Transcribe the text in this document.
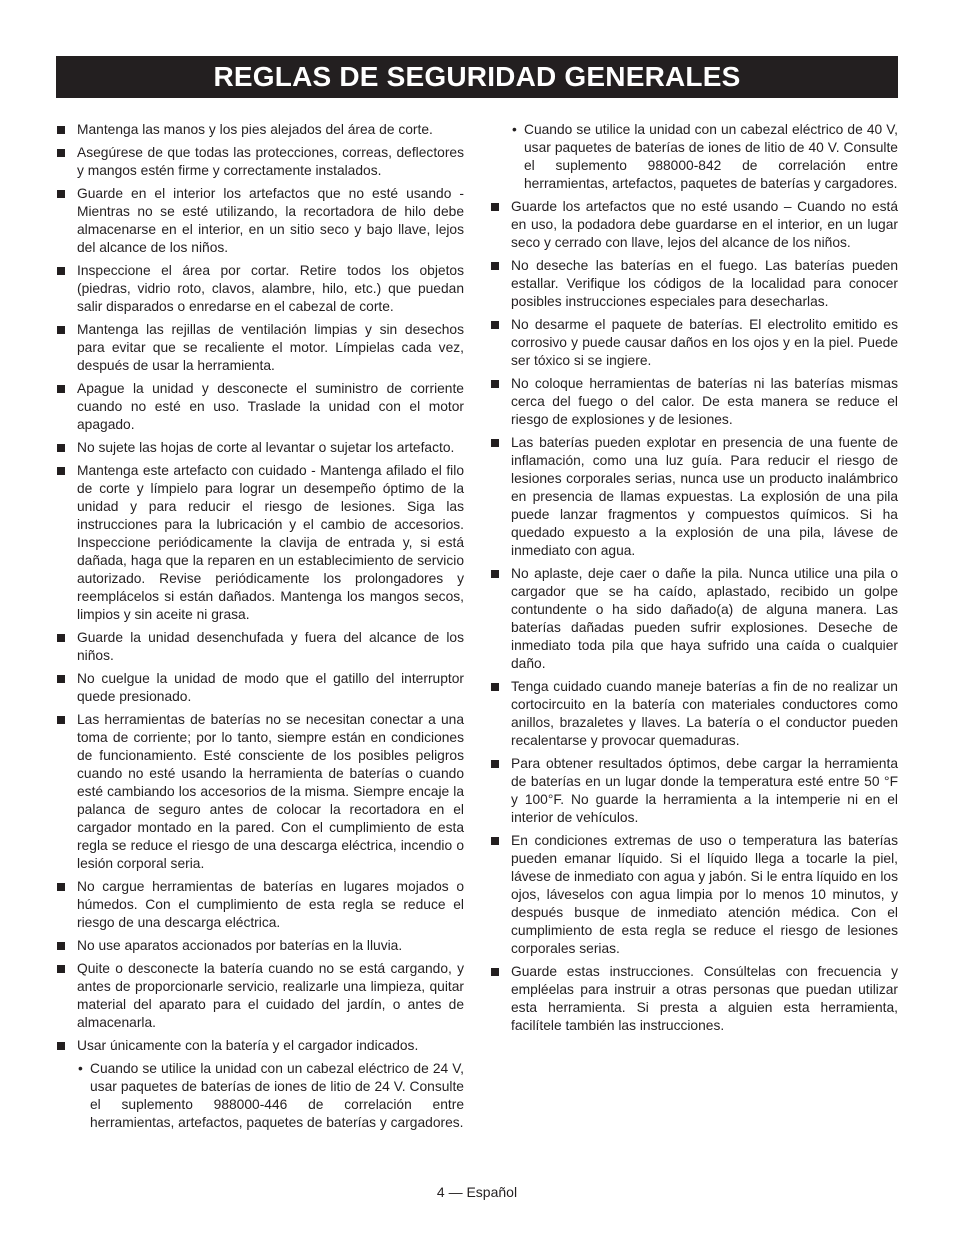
REGLAS DE SEGURIDAD GENERALES
Mantenga las manos y los pies alejados del área de corte.
Asegúrese de que todas las protecciones, correas, deflectores y mangos estén firme y correctamente instalados.
Guarde en el interior los artefactos que no esté usando - Mientras no se esté utilizando, la recortadora de hilo debe almacenarse en el interior, en un sitio seco y bajo llave, lejos del alcance de los niños.
Inspeccione el área por cortar. Retire todos los objetos (piedras, vidrio roto, clavos, alambre, hilo, etc.) que puedan salir disparados o enredarse en el cabezal de corte.
Mantenga las rejillas de ventilación limpias y sin desechos para evitar que se recaliente el motor. Límpielas cada vez, después de usar la herramienta.
Apague la unidad y desconecte el suministro de corriente cuando no esté en uso. Traslade la unidad con el motor apagado.
No sujete las hojas de corte al levantar o sujetar los artefacto.
Mantenga este artefacto con cuidado - Mantenga afilado el filo de corte y límpielo para lograr un desempeño óptimo de la unidad y para reducir el riesgo de lesiones. Siga las instrucciones para la lubricación y el cambio de accesorios. Inspeccione periódicamente la clavija de entrada y, si está dañada, haga que la reparen en un establecimiento de servicio autorizado. Revise periódicamente los prolongadores y reemplácelos si están dañados. Mantenga los mangos secos, limpios y sin aceite ni grasa.
Guarde la unidad desenchufada y fuera del alcance de los niños.
No cuelgue la unidad de modo que el gatillo del interruptor quede presionado.
Las herramientas de baterías no se necesitan conectar a una toma de corriente; por lo tanto, siempre están en condiciones de funcionamiento. Esté consciente de los posibles peligros cuando no esté usando la herramienta de baterías o cuando esté cambiando los accesorios de la misma. Siempre encaje la palanca de seguro antes de colocar la recortadora en el cargador montado en la pared. Con el cumplimiento de esta regla se reduce el riesgo de una descarga eléctrica, incendio o lesión corporal seria.
No cargue herramientas de baterías en lugares mojados o húmedos. Con el cumplimiento de esta regla se reduce el riesgo de una descarga eléctrica.
No use aparatos accionados por baterías en la lluvia.
Quite o desconecte la batería cuando no se está cargando, y antes de proporcionarle servicio, realizarle una limpieza, quitar material del aparato para el cuidado del jardín, o antes de almacenarla.
Usar únicamente con la batería y el cargador indicados.
• Cuando se utilice la unidad con un cabezal eléctrico de 24 V, usar paquetes de baterías de iones de litio de 24 V. Consulte el suplemento 988000-446 de correlación entre herramientas, artefactos, paquetes de baterías y cargadores.
• Cuando se utilice la unidad con un cabezal eléctrico de 40 V, usar paquetes de baterías de iones de litio de 40 V. Consulte el suplemento 988000-842 de correlación entre herramientas, artefactos, paquetes de baterías y cargadores.
Guarde los artefactos que no esté usando – Cuando no está en uso, la podadora debe guardarse en el interior, en un lugar seco y cerrado con llave, lejos del alcance de los niños.
No deseche las baterías en el fuego. Las baterías pueden estallar. Verifique los códigos de la localidad para conocer posibles instrucciones especiales para desecharlas.
No desarme el paquete de baterías. El electrolito emitido es corrosivo y puede causar daños en los ojos y en la piel. Puede ser tóxico si se ingiere.
No coloque herramientas de baterías ni las baterías mismas cerca del fuego o del calor. De esta manera se reduce el riesgo de explosiones y de lesiones.
Las baterías pueden explotar en presencia de una fuente de inflamación, como una luz guía. Para reducir el riesgo de lesiones corporales serias, nunca use un producto inalámbrico en presencia de llamas expuestas. La explosión de una pila puede lanzar fragmentos y compuestos químicos. Si ha quedado expuesto a la explosión de una pila, lávese de inmediato con agua.
No aplaste, deje caer o dañe la pila. Nunca utilice una pila o cargador que se ha caído, aplastado, recibido un golpe contundente o ha sido dañado(a) de alguna manera. Las baterías dañadas pueden sufrir explosiones. Deseche de inmediato toda pila que haya sufrido una caída o cualquier daño.
Tenga cuidado cuando maneje baterías a fin de no realizar un cortocircuito en la batería con materiales conductores como anillos, brazaletes y llaves. La batería o el conductor pueden recalentarse y provocar quemaduras.
Para obtener resultados óptimos, debe cargar la herramienta de baterías en un lugar donde la temperatura esté entre 50 °F y 100°F. No guarde la herramienta a la intemperie ni en el interior de vehículos.
En condiciones extremas de uso o temperatura las baterías pueden emanar líquido. Si el líquido llega a tocarle la piel, lávese de inmediato con agua y jabón. Si le entra líquido en los ojos, láveselos con agua limpia por lo menos 10 minutos, y después busque de inmediato atención médica. Con el cumplimiento de esta regla se reduce el riesgo de lesiones corporales serias.
Guarde estas instrucciones. Consúltelas con frecuencia y empléelas para instruir a otras personas que puedan utilizar esta herramienta. Si presta a alguien esta herramienta, facilítele también las instrucciones.
4 — Español
